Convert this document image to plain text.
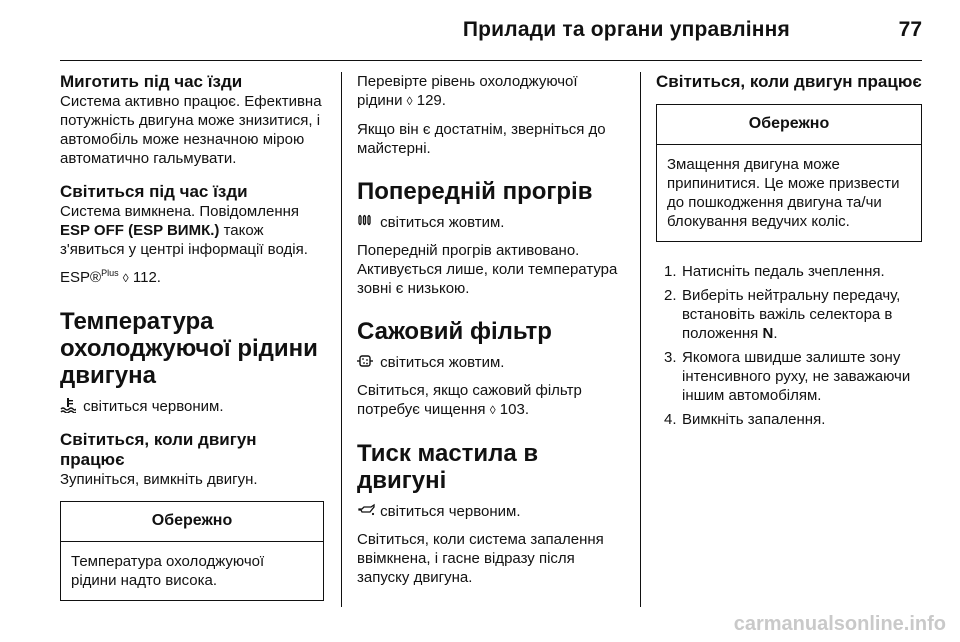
Прилади та органи управління	77

Миготить під час їзди

Система активно працює. Ефективна потужність двигуна може знизитися, і автомобіль може незначною мірою автоматично гальмувати.

Світиться під час їзди

Система вимкнена. Повідомлення ESP OFF (ESP ВИМК.) також з'явиться у центрі інформації водія.

ESP®$^{Plus}$ ◊ 112.

Температура охолоджуючої рідини двигуна

світиться червоним.

Світиться, коли двигун працює

Зупиніться, вимкніть двигун.

Обережно
Температура охолоджуючої рідини надто висока.

Перевірте рівень охолоджуючої рідини ◊ 129.

Якщо він є достатнім, зверніться до майстерні.

Попередній прогрів

світиться жовтим.

Попередній прогрів активовано. Активується лише, коли температура зовні є низькою.

Сажовий фільтр

світиться жовтим.

Світиться, якщо сажовий фільтр потребує чищення ◊ 103.

Тиск мастила в двигуні

світиться червоним.

Світиться, коли система запалення ввімкнена, і гасне відразу після запуску двигуна.

Світиться, коли двигун працює

Обережно
Змащення двигуна може припинитися. Це може призвести до пошкодження двигуна та/чи блокування ведучих коліс.
1. Натисніть педаль зчеплення.
2. Виберіть нейтральну передачу, встановіть важіль селектора в положення N.
3. Якомога швидше залиште зону інтенсивного руху, не заважаючи іншим автомобілям.
4. Вимкніть запалення.
carmanualsonline.info
